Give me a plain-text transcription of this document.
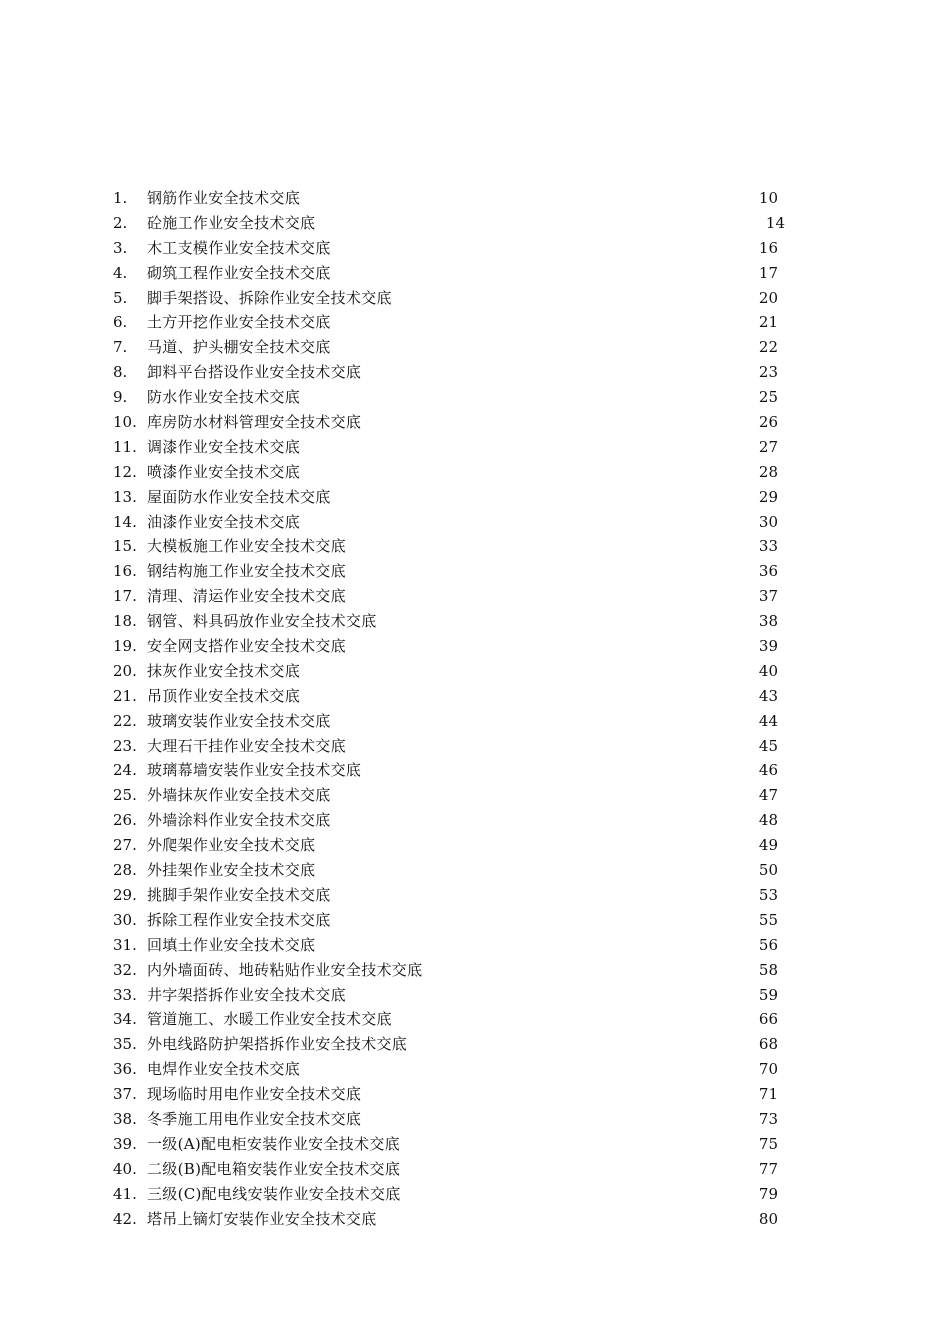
1. 钢筋作业安全技术交底	10
2. 砼施工作业安全技术交底	14
3. 木工支模作业安全技术交底	16
4. 砌筑工程作业安全技术交底	17
5. 脚手架搭设、拆除作业安全技术交底	20
6. 土方开挖作业安全技术交底	21
7. 马道、护头棚安全技术交底	22
8. 卸料平台搭设作业安全技术交底	23
9. 防水作业安全技术交底	25
10. 库房防水材料管理安全技术交底	26
11. 调漆作业安全技术交底	27
12. 喷漆作业安全技术交底	28
13. 屋面防水作业安全技术交底	29
14. 油漆作业安全技术交底	30
15. 大模板施工作业安全技术交底	33
16. 钢结构施工作业安全技术交底	36
17. 清理、清运作业安全技术交底	37
18. 钢管、料具码放作业安全技术交底	38
19. 安全网支搭作业安全技术交底	39
20. 抹灰作业安全技术交底	40
21. 吊顶作业安全技术交底	43
22. 玻璃安装作业安全技术交底	44
23. 大理石干挂作业安全技术交底	45
24. 玻璃幕墙安装作业安全技术交底	46
25. 外墙抹灰作业安全技术交底	47
26. 外墙涂料作业安全技术交底	48
27. 外爬架作业安全技术交底	49
28. 外挂架作业安全技术交底	50
29. 挑脚手架作业安全技术交底	53
30. 拆除工程作业安全技术交底	55
31. 回填土作业安全技术交底	56
32. 内外墙面砖、地砖粘贴作业安全技术交底	58
33. 井字架搭拆作业安全技术交底	59
34. 管道施工、水暖工作业安全技术交底	66
35. 外电线路防护架搭拆作业安全技术交底	68
36. 电焊作业安全技术交底	70
37. 现场临时用电作业安全技术交底	71
38. 冬季施工用电作业安全技术交底	73
39. 一级(A)配电柜安装作业安全技术交底	75
40. 二级(B)配电箱安装作业安全技术交底	77
41. 三级(C)配电线安装作业安全技术交底	79
42. 塔吊上镝灯安装作业安全技术交底	80
